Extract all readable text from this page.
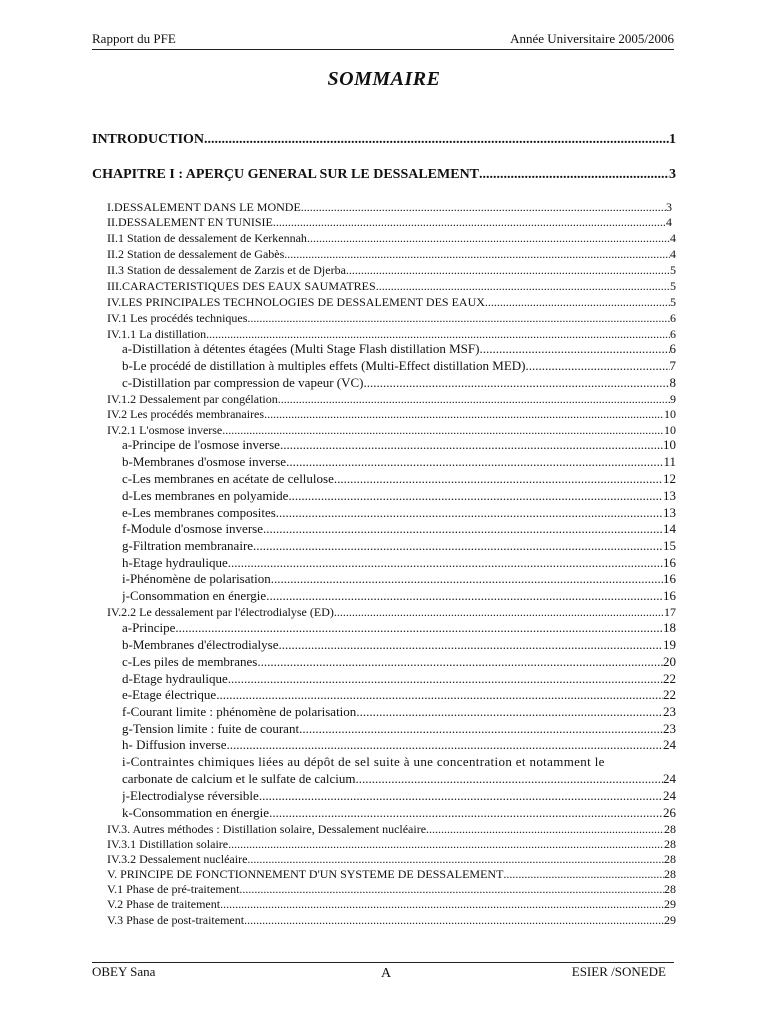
Rapport du PFE	Année Universitaire 2005/2006
SOMMAIRE
INTRODUCTION .....	1
CHAPITRE I : APERÇU GENERAL SUR LE DESSALEMENT .....	3
I.DESSALEMENT DANS LE MONDE .....	3
II.DESSALEMENT EN TUNISIE .....	4
II.1 Station de dessalement de Kerkennah .....	4
II.2 Station de dessalement de Gabès .....	4
II.3 Station de dessalement de Zarzis et de Djerba .....	5
III.CARACTERISTIQUES DES EAUX SAUMATRES .....	5
IV.LES PRINCIPALES TECHNOLOGIES DE DESSALEMENT DES EAUX .....	5
IV.1 Les procédés techniques .....	6
IV.1.1 La distillation .....	6
a-Distillation à détentes étagées (Multi Stage Flash distillation MSF) .....	6
b-Le procédé de distillation à multiples effets (Multi-Effect distillation MED) .....	7
c-Distillation par compression de vapeur (VC) .....	8
IV.1.2 Dessalement par congélation .....	9
IV.2 Les procédés membranaires .....	10
IV.2.1 L'osmose inverse .....	10
a-Principe de l'osmose inverse .....	10
b-Membranes d'osmose inverse .....	11
c-Les membranes en acétate de cellulose .....	12
d-Les membranes en polyamide .....	13
e-Les membranes composites .....	13
f-Module d'osmose inverse .....	14
g-Filtration membranaire .....	15
h-Etage hydraulique .....	16
i-Phénomène de polarisation .....	16
j-Consommation en énergie .....	16
IV.2.2 Le dessalement par l'électrodialyse (ED) .....	17
a-Principe .....	18
b-Membranes d'électrodialyse .....	19
c-Les piles de membranes .....	20
d-Etage hydraulique .....	22
e-Etage électrique .....	22
f-Courant limite : phénomène de polarisation .....	23
g-Tension limite : fuite de courant .....	23
h- Diffusion inverse .....	24
i-Contraintes chimiques liées au dépôt de sel suite à une concentration et notamment le
carbonate de calcium et le sulfate de calcium .....	24
j-Electrodialyse réversible .....	24
k-Consommation en énergie .....	26
IV.3. Autres méthodes : Distillation solaire, Dessalement nucléaire .....	28
IV.3.1 Distillation solaire .....	28
IV.3.2 Dessalement nucléaire .....	28
V. PRINCIPE DE FONCTIONNEMENT D'UN SYSTEME DE DESSALEMENT .....	28
V.1 Phase de pré-traitement .....	28
V.2 Phase de traitement .....	29
V.3 Phase de post-traitement .....	29
OBEY Sana	A	ESIER /SONEDE
